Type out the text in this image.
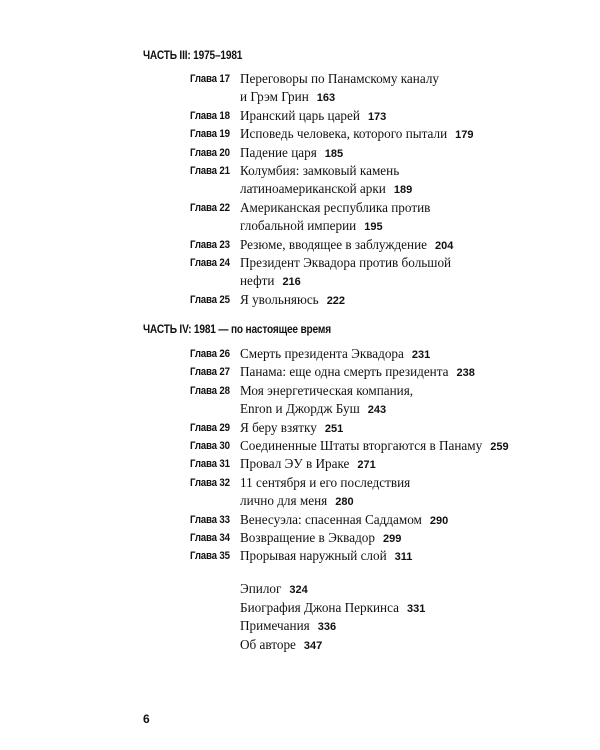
ЧАСТЬ III: 1975–1981
ЧАСТЬ IV: 1981 — по настоящее время
Глава 17 Переговоры по Панамскому каналу
и Грэм Грин 163
Глава 18 Иранский царь царей 173
Глава 19 Исповедь человека, которого пытали 179
Глава 20 Падение царя 185
Глава 21 Колумбия: замковый камень
латиноамериканской арки 189
Глава 22 Американская республика против
глобальной империи 195
Глава 23 Резюме, вводящее в заблуждение 204
Глава 24 Президент Эквадора против большой
нефти 216
Глава 25 Я увольняюсь 222
Глава 26 Смерть президента Эквадора 231
Глава 27 Панама: еще одна смерть президента 238
Глава 28 Моя энергетическая компания,
Enron и Джордж Буш 243
Глава 29 Я беру взятку 251
Глава 30 Соединенные Штаты вторгаются в Панаму 259
Глава 31 Провал ЭУ в Ираке 271
Глава 32 11 сентября и его последствия
лично для меня 280
Глава 33 Венесуэла: спасенная Саддамом 290
Глава 34 Возвращение в Эквадор 299
Глава 35 Прорывая наружный слой 311
Эпилог 324
Биография Джона Перкинса 331
Примечания 336
Об авторе 347
6
